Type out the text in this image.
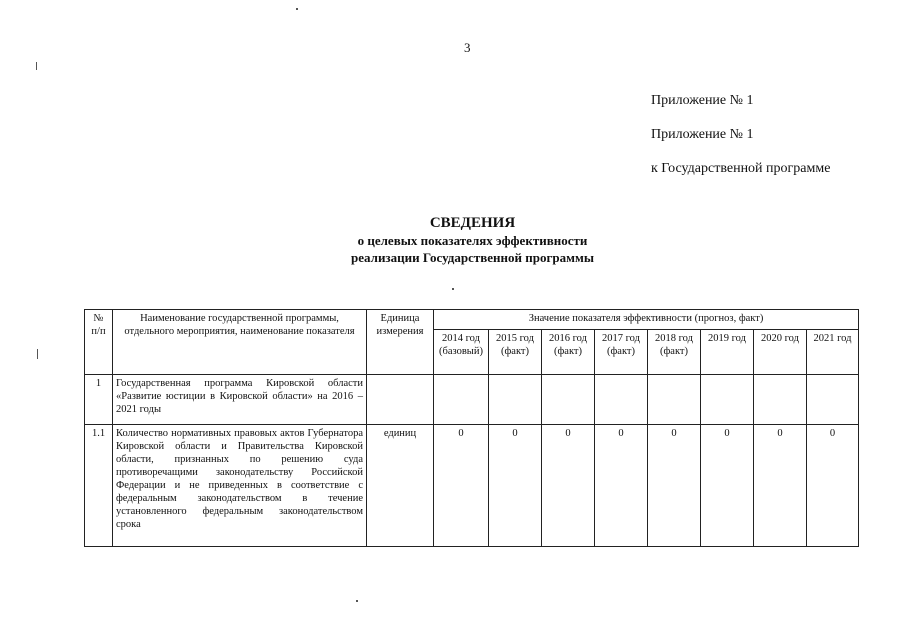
3
Приложение № 1
Приложение № 1
к Государственной программе
СВЕДЕНИЯ
о целевых показателях эффективности
реализации Государственной программы
№ п/п	Наименование государственной программы, отдельного мероприятия, наименование показателя	Единица измерения	Значение показателя эффективности (прогноз, факт)							
			2014 год (базовый)	2015 год (факт)	2016 год (факт)	2017 год (факт)	2018 год (факт)	2019 год	2020 год	2021 год
1	Государственная программа Кировской области «Развитие юстиции в Кировской области» на 2016 – 2021 годы									
1.1	Количество нормативных правовых актов Губернатора Кировской области и Правительства Кировской области, признанных по решению суда противоречащими законодательству Российской Федерации и не приведенных в соответствие с федеральным законодательством в течение установленного федеральным законодательством срока	единиц	0	0	0	0	0	0	0	0
